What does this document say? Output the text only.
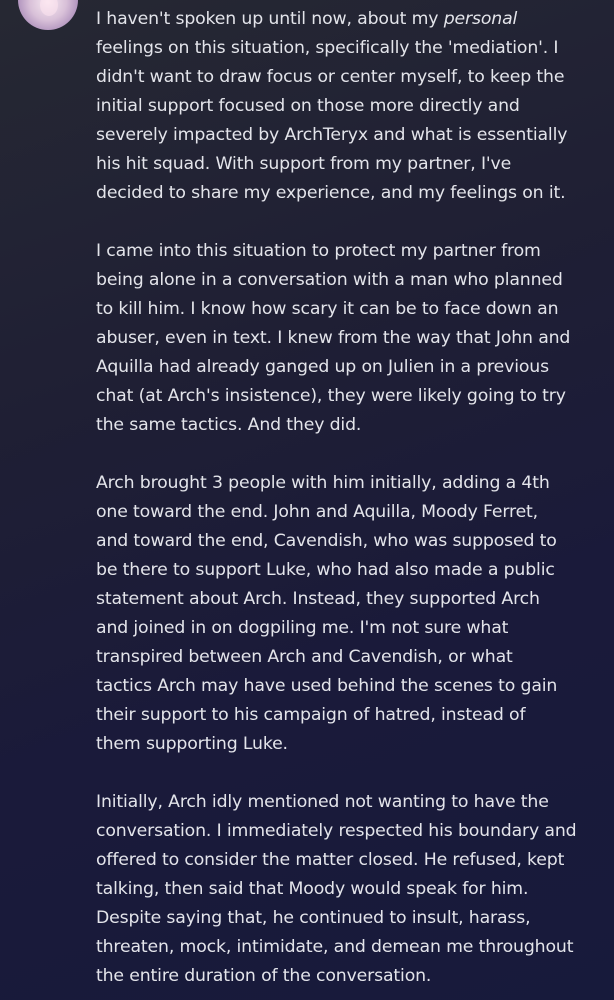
I haven't spoken up until now, about my personal
feelings on this situation, specifically the 'mediation'. I
didn't want to draw focus or center myself, to keep the
initial support focused on those more directly and
severely impacted by ArchTeryx and what is essentially
his hit squad. With support from my partner, I've
decided to share my experience, and my feelings on it.

I came into this situation to protect my partner from
being alone in a conversation with a man who planned
to kill him. I know how scary it can be to face down an
abuser, even in text. I knew from the way that John and
Aquilla had already ganged up on Julien in a previous
chat (at Arch's insistence), they were likely going to try
the same tactics. And they did.

Arch brought 3 people with him initially, adding a 4th
one toward the end. John and Aquilla, Moody Ferret,
and toward the end, Cavendish, who was supposed to
be there to support Luke, who had also made a public
statement about Arch. Instead, they supported Arch
and joined in on dogpiling me. I'm not sure what
transpired between Arch and Cavendish, or what
tactics Arch may have used behind the scenes to gain
their support to his campaign of hatred, instead of
them supporting Luke.

Initially, Arch idly mentioned not wanting to have the
conversation. I immediately respected his boundary and
offered to consider the matter closed. He refused, kept
talking, then said that Moody would speak for him.
Despite saying that, he continued to insult, harass,
threaten, mock, intimidate, and demean me throughout
the entire duration of the conversation.
